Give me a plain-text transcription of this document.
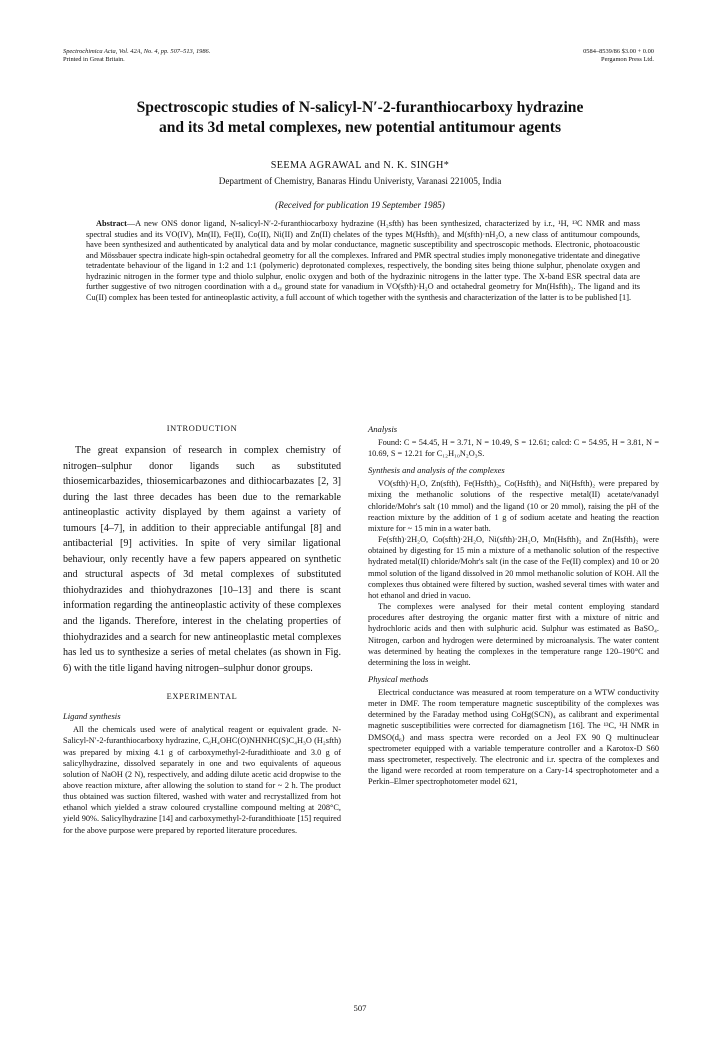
Spectrochimica Acta, Vol. 42A, No. 4, pp. 507–513, 1986.
Printed in Great Britain.
0584–8539/86 $3.00 + 0.00
Pergamon Press Ltd.
Spectroscopic studies of N-salicyl-N′-2-furanthiocarboxy hydrazine
and its 3d metal complexes, new potential antitumour agents
SEEMA AGRAWAL and N. K. SINGH*
Department of Chemistry, Banaras Hindu Univeristy, Varanasi 221005, India
(Received for publication 19 September 1985)
Abstract—A new ONS donor ligand, N-salicyl-N′-2-furanthiocarboxy hydrazine (H₂sfth) has been synthesized, characterized by i.r., ¹H, ¹³C NMR and mass spectral studies and its VO(IV), Mn(II), Fe(II), Co(II), Ni(II) and Zn(II) chelates of the types M(Hsfth)₂ and M(sfth)·nH₂O, a new class of antitumour compounds, have been synthesized and authenticated by analytical data and by molar conductance, magnetic susceptibility and spectroscopic methods. Electronic, photoacoustic and Mössbauer spectra indicate high-spin octahedral geometry for all the complexes. Infrared and PMR spectral studies imply mononegative tridentate and dinegative tetradentate behaviour of the ligand in 1:2 and 1:1 (polymeric) deprotonated complexes, respectively, the bonding sites being thione sulphur, phenolate oxygen and hydrazinic nitrogen in the former type and thiolo sulphur, enolic oxygen and both of the hydrazinic nitrogens in the latter type. The X-band ESR spectral data are further suggestive of two nitrogen coordination with a dₓᵧ ground state for vanadium in VO(sfth)·H₂O and octahedral geometry for Mn(Hsfth)₂. The ligand and its Cu(II) complex has been tested for antineoplastic activity, a full account of which together with the synthesis and characterization of the latter is to be published [1].
INTRODUCTION

The great expansion of research in complex chemistry of nitrogen–sulphur donor ligands such as substituted thiosemicarbazides, thiosemicarbazones and dithiocarbazates [2, 3] during the last three decades has been due to the remarkable antineoplastic activity displayed by them against a variety of tumours [4–7], in addition to their appreciable antifungal [8] and antibacterial [9] activities. In spite of very similar ligational behaviour, only recently have a few papers appeared on synthetic and structural aspects of 3d metal complexes of substituted thiohydrazides and thiohydrazones [10–13] and there is scant information regarding the antineoplastic activity of these complexes and the ligands. Therefore, interest in the chelating properties of thiohydrazides and a search for new antineoplastic metal complexes has led us to synthesize a series of metal chelates (as shown in Fig. 6) with the title ligand having nitrogen–sulphur donor groups.

EXPERIMENTAL
Ligand synthesis

All the chemicals used were of analytical reagent or equivalent grade. N-Salicyl-N′-2-furanthiocarboxy hydrazine, C₆H₄OHC(O)NHNHC(S)C₄H₃O (H₂sfth) was prepared by mixing 4.1 g of carboxymethyl-2-furadithioate and 3.0 g of salicylhydrazine, dissolved separately in one and two equivalents of aqueous solution of NaOH (2 N), respectively, and adding dilute acetic acid dropwise to the above reaction mixture, after allowing the solution to stand for ~ 2 h. The product thus obtained was suction filtered, washed with water and recrystallized from hot ethanol which yielded a straw coloured crystalline compound melting at 208°C, yield 90%. Salicylhydrazine [14] and carboxymethyl-2-furandithioate [15] required for the above purpose were prepared by reported literature procedures.

Analysis

Found: C = 54.45, H = 3.71, N = 10.49, S = 12.61; calcd: C = 54.95, H = 3.81, N = 10.69, S = 12.21 for C₁₂H₁₀N₂O₃S.

Synthesis and analysis of the complexes

VO(sfth)·H₂O, Zn(sfth), Fe(Hsfth)₂, Co(Hsfth)₂ and Ni(Hsfth)₂ were prepared by mixing the methanolic solutions of the respective metal(II) acetate/vanadyl chloride/Mohr's salt (10 mmol) and the ligand (10 or 20 mmol), raising the pH of the reaction mixture by the addition of 1 g of sodium acetate and heating the reaction mixture for ~ 15 min in a water bath.

Fe(sfth)·2H₂O, Co(sfth)·2H₂O, Ni(sfth)·2H₂O, Mn(Hsfth)₂ and Zn(Hsfth)₂ were obtained by digesting for 15 min a mixture of a methanolic solution of the respective hydrated metal(II) chloride/Mohr's salt (in the case of the Fe(II) complex) and 10 or 20 mmol solution of the ligand dissolved in 20 mmol methanolic solution of KOH. All the complexes thus obtained were filtered by suction, washed several times with water and hot ethanol and dried in vacuo.

The complexes were analysed for their metal content employing standard procedures after destroying the organic matter first with a mixture of nitric and hydrochloric acids and then with sulphuric acid. Sulphur was estimated as BaSO₄. Nitrogen, carbon and hydrogen were determined by microanalysis. The water content was determined by heating the complexes in the temperature range 120–190°C and determining the loss in weight.

Physical methods

Electrical conductance was measured at room temperature on a WTW conductivity meter in DMF. The room temperature magnetic susceptibility of the complexes was determined by the Faraday method using CoHg(SCN)₄ as calibrant and experimental magnetic susceptibilities were corrected for diamagnetism [16]. The ¹³C, ¹H NMR in DMSO(d₆) and mass spectra were recorded on a Jeol FX 90 Q multinuclear spectrometer equipped with a variable temperature controller and a Karotox-D S60 mass spectrometer, respectively. The electronic and i.r. spectra of the complexes and the ligand were recorded at room temperature on a Cary-14 spectrophotometer and a Perkin–Elmer spectrophotometer model 621,

507
